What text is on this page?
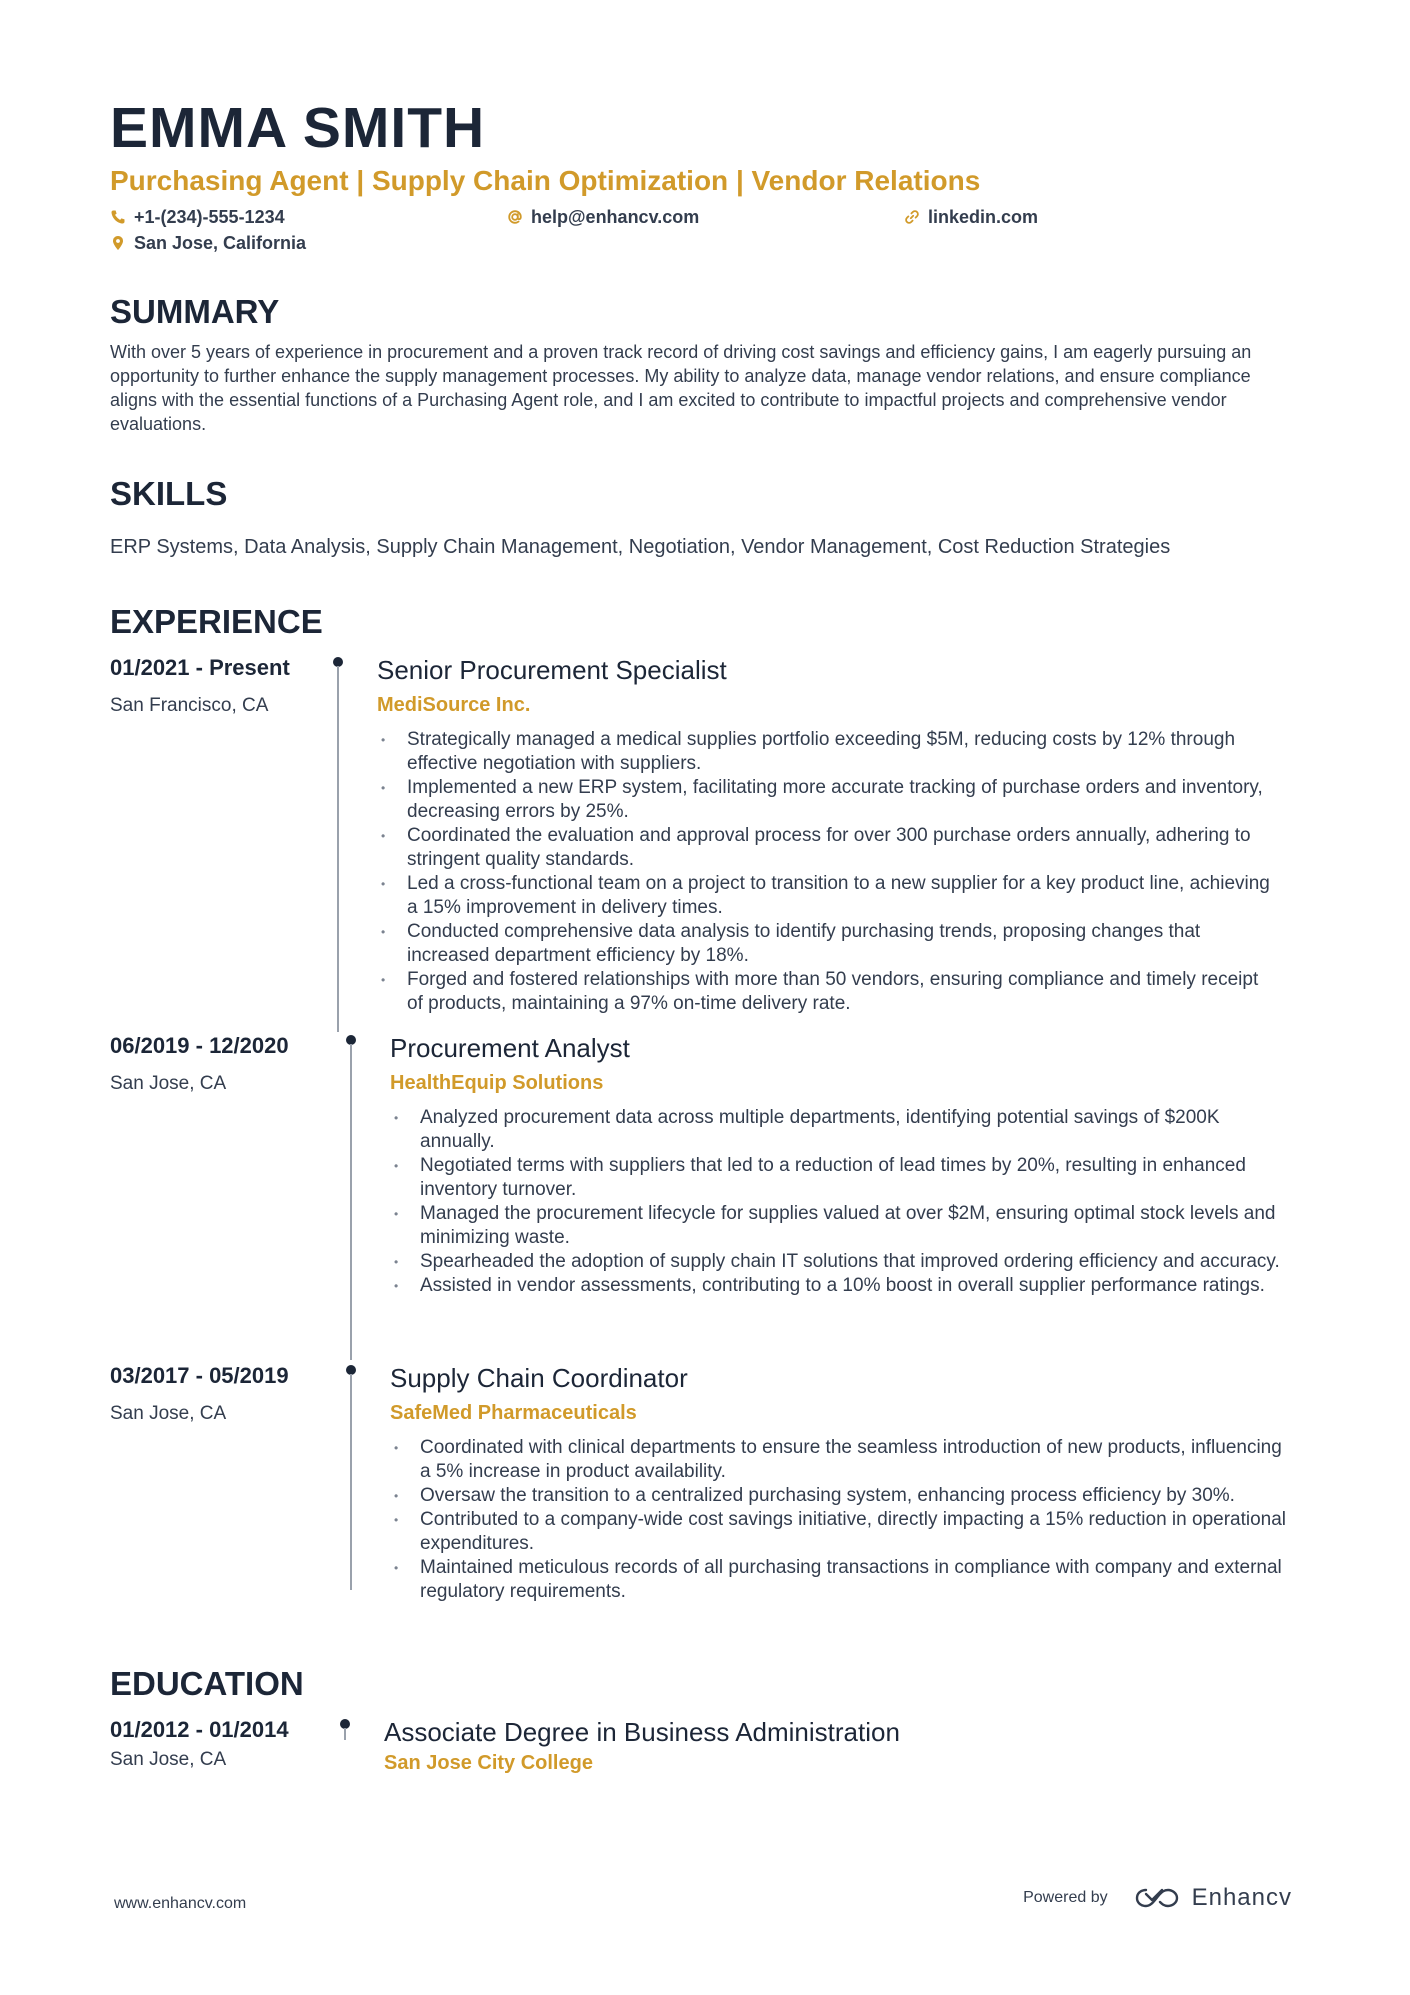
EMMA SMITH
Purchasing Agent | Supply Chain Optimization | Vendor Relations
+1-(234)-555-1234	help@enhancv.com	linkedin.com
San Jose, California
SUMMARY
With over 5 years of experience in procurement and a proven track record of driving cost savings and efficiency gains, I am eagerly pursuing an opportunity to further enhance the supply management processes. My ability to analyze data, manage vendor relations, and ensure compliance aligns with the essential functions of a Purchasing Agent role, and I am excited to contribute to impactful projects and comprehensive vendor evaluations.
SKILLS
ERP Systems, Data Analysis, Supply Chain Management, Negotiation, Vendor Management, Cost Reduction Strategies
EXPERIENCE
01/2021 - Present
San Francisco, CA
Senior Procurement Specialist
MediSource Inc.
• Strategically managed a medical supplies portfolio exceeding $5M, reducing costs by 12% through effective negotiation with suppliers.
• Implemented a new ERP system, facilitating more accurate tracking of purchase orders and inventory, decreasing errors by 25%.
• Coordinated the evaluation and approval process for over 300 purchase orders annually, adhering to stringent quality standards.
• Led a cross-functional team on a project to transition to a new supplier for a key product line, achieving a 15% improvement in delivery times.
• Conducted comprehensive data analysis to identify purchasing trends, proposing changes that increased department efficiency by 18%.
• Forged and fostered relationships with more than 50 vendors, ensuring compliance and timely receipt of products, maintaining a 97% on-time delivery rate.
06/2019 - 12/2020
San Jose, CA
Procurement Analyst
HealthEquip Solutions
• Analyzed procurement data across multiple departments, identifying potential savings of $200K annually.
• Negotiated terms with suppliers that led to a reduction of lead times by 20%, resulting in enhanced inventory turnover.
• Managed the procurement lifecycle for supplies valued at over $2M, ensuring optimal stock levels and minimizing waste.
• Spearheaded the adoption of supply chain IT solutions that improved ordering efficiency and accuracy.
• Assisted in vendor assessments, contributing to a 10% boost in overall supplier performance ratings.
03/2017 - 05/2019
San Jose, CA
Supply Chain Coordinator
SafeMed Pharmaceuticals
• Coordinated with clinical departments to ensure the seamless introduction of new products, influencing a 5% increase in product availability.
• Oversaw the transition to a centralized purchasing system, enhancing process efficiency by 30%.
• Contributed to a company-wide cost savings initiative, directly impacting a 15% reduction in operational expenditures.
• Maintained meticulous records of all purchasing transactions in compliance with company and external regulatory requirements.
EDUCATION
01/2012 - 01/2014
San Jose, CA
Associate Degree in Business Administration
San Jose City College
www.enhancv.com	Powered by	Enhancv
